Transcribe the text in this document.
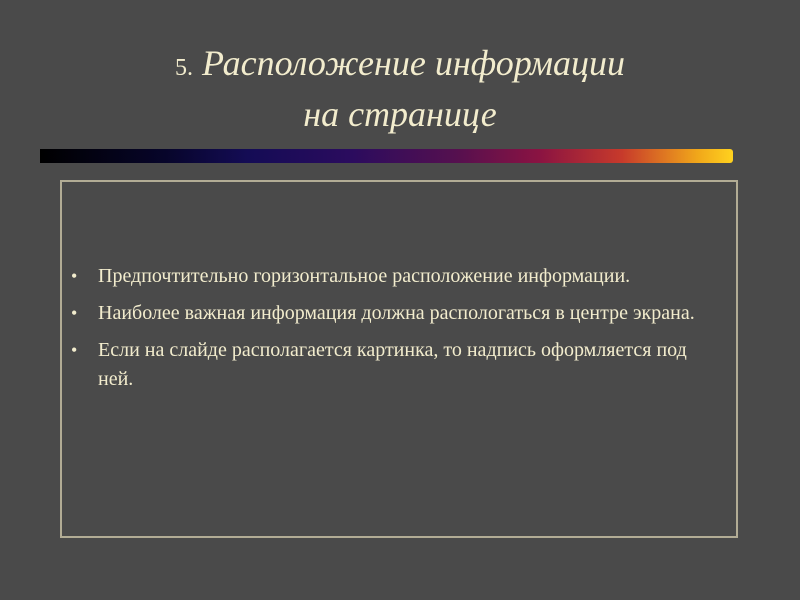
5. Расположение информации
на странице
• Предпочтительно горизонтальное расположение информации.
• Наиболее важная информация должна распологаться в центре экрана.
• Если на слайде располагается картинка, то надпись оформляется под ней.
